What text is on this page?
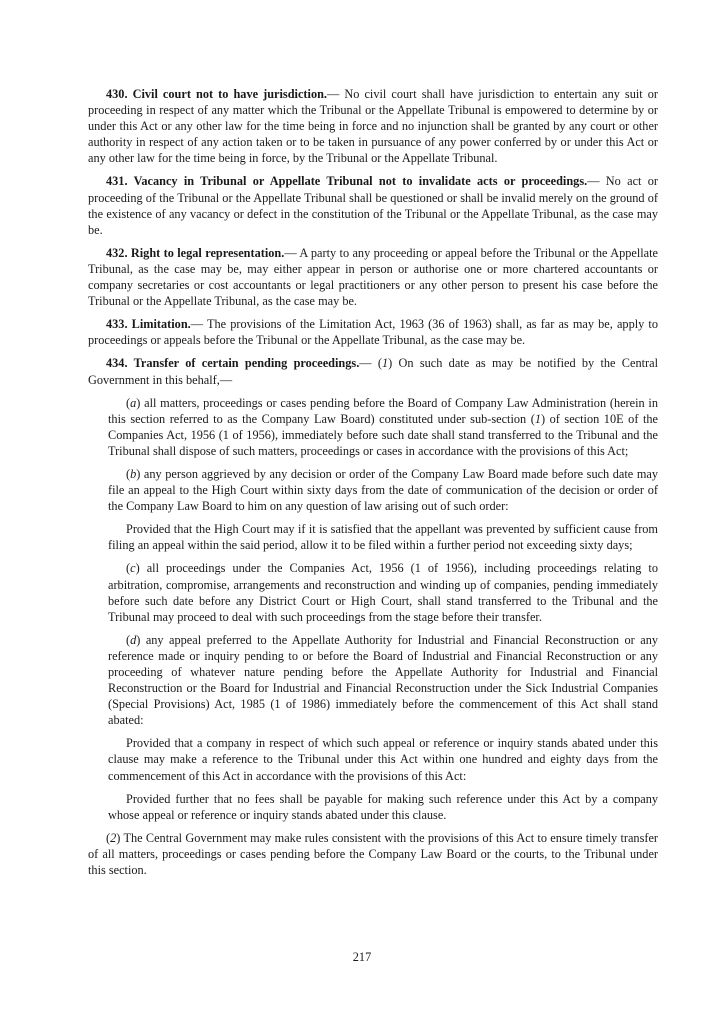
430. Civil court not to have jurisdiction.— No civil court shall have jurisdiction to entertain any suit or proceeding in respect of any matter which the Tribunal or the Appellate Tribunal is empowered to determine by or under this Act or any other law for the time being in force and no injunction shall be granted by any court or other authority in respect of any action taken or to be taken in pursuance of any power conferred by or under this Act or any other law for the time being in force, by the Tribunal or the Appellate Tribunal.

431. Vacancy in Tribunal or Appellate Tribunal not to invalidate acts or proceedings.— No act or proceeding of the Tribunal or the Appellate Tribunal shall be questioned or shall be invalid merely on the ground of the existence of any vacancy or defect in the constitution of the Tribunal or the Appellate Tribunal, as the case may be.

432. Right to legal representation.— A party to any proceeding or appeal before the Tribunal or the Appellate Tribunal, as the case may be, may either appear in person or authorise one or more chartered accountants or company secretaries or cost accountants or legal practitioners or any other person to present his case before the Tribunal or the Appellate Tribunal, as the case may be.

433. Limitation.— The provisions of the Limitation Act, 1963 (36 of 1963) shall, as far as may be, apply to proceedings or appeals before the Tribunal or the Appellate Tribunal, as the case may be.

434. Transfer of certain pending proceedings.— (1) On such date as may be notified by the Central Government in this behalf,—

(a) all matters, proceedings or cases pending before the Board of Company Law Administration (herein in this section referred to as the Company Law Board) constituted under sub-section (1) of section 10E of the Companies Act, 1956 (1 of 1956), immediately before such date shall stand transferred to the Tribunal and the Tribunal shall dispose of such matters, proceedings or cases in accordance with the provisions of this Act;

(b) any person aggrieved by any decision or order of the Company Law Board made before such date may file an appeal to the High Court within sixty days from the date of communication of the decision or order of the Company Law Board to him on any question of law arising out of such order:

Provided that the High Court may if it is satisfied that the appellant was prevented by sufficient cause from filing an appeal within the said period, allow it to be filed within a further period not exceeding sixty days;

(c) all proceedings under the Companies Act, 1956 (1 of 1956), including proceedings relating to arbitration, compromise, arrangements and reconstruction and winding up of companies, pending immediately before such date before any District Court or High Court, shall stand transferred to the Tribunal and the Tribunal may proceed to deal with such proceedings from the stage before their transfer.

(d) any appeal preferred to the Appellate Authority for Industrial and Financial Reconstruction or any reference made or inquiry pending to or before the Board of Industrial and Financial Reconstruction or any proceeding of whatever nature pending before the Appellate Authority for Industrial and Financial Reconstruction or the Board for Industrial and Financial Reconstruction under the Sick Industrial Companies (Special Provisions) Act, 1985 (1 of 1986) immediately before the commencement of this Act shall stand abated:

Provided that a company in respect of which such appeal or reference or inquiry stands abated under this clause may make a reference to the Tribunal under this Act within one hundred and eighty days from the commencement of this Act in accordance with the provisions of this Act:

Provided further that no fees shall be payable for making such reference under this Act by a company whose appeal or reference or inquiry stands abated under this clause.

(2) The Central Government may make rules consistent with the provisions of this Act to ensure timely transfer of all matters, proceedings or cases pending before the Company Law Board or the courts, to the Tribunal under this section.

217
